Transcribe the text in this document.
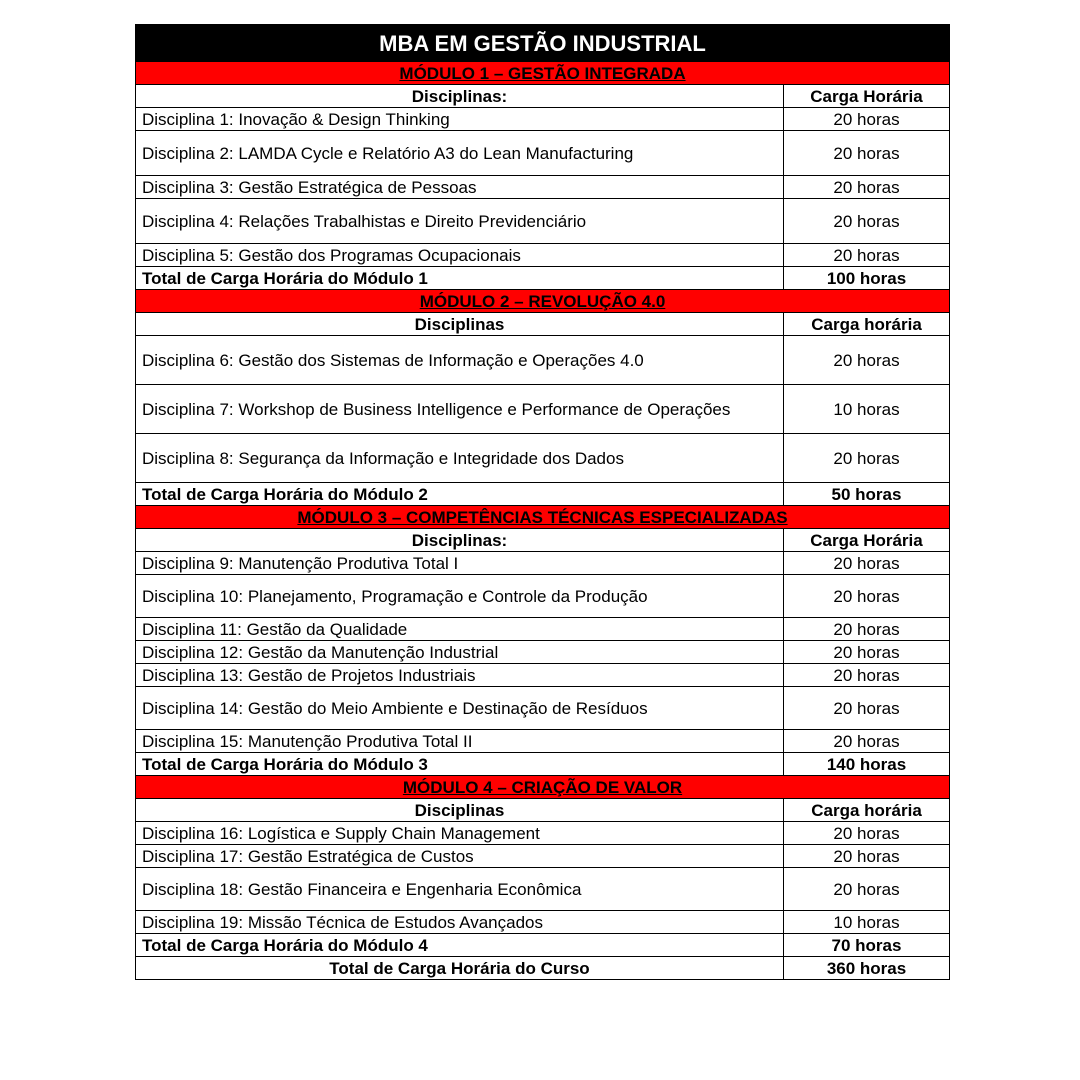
MBA EM GESTÃO INDUSTRIAL	
MÓDULO 1 – GESTÃO INTEGRADA	
Disciplinas:	Carga Horária
Disciplina 1: Inovação & Design Thinking	20 horas
Disciplina 2: LAMDA Cycle e Relatório A3 do Lean Manufacturing	20 horas
Disciplina 3: Gestão Estratégica de Pessoas	20 horas
Disciplina 4: Relações Trabalhistas e Direito Previdenciário	20 horas
Disciplina 5: Gestão dos Programas Ocupacionais	20 horas
Total de Carga Horária do Módulo 1	100 horas
MÓDULO 2 – REVOLUÇÃO 4.0	
Disciplinas	Carga horária
Disciplina 6: Gestão dos Sistemas de Informação e Operações 4.0	20 horas
Disciplina 7: Workshop de Business Intelligence e Performance de Operações	10 horas
Disciplina 8: Segurança da Informação e Integridade dos Dados	20 horas
Total de Carga Horária do Módulo 2	50 horas
MÓDULO 3 – COMPETÊNCIAS TÉCNICAS ESPECIALIZADAS	
Disciplinas:	Carga Horária
Disciplina 9: Manutenção Produtiva Total I	20 horas
Disciplina 10: Planejamento, Programação e Controle da Produção	20 horas
Disciplina 11: Gestão da Qualidade	20 horas
Disciplina 12: Gestão da Manutenção Industrial	20 horas
Disciplina 13: Gestão de Projetos Industriais	20 horas
Disciplina 14: Gestão do Meio Ambiente e Destinação de Resíduos	20 horas
Disciplina 15: Manutenção Produtiva Total II	20 horas
Total de Carga Horária do Módulo 3	140 horas
MÓDULO 4 – CRIAÇÃO DE VALOR	
Disciplinas	Carga horária
Disciplina 16: Logística e Supply Chain Management	20 horas
Disciplina 17: Gestão Estratégica de Custos	20 horas
Disciplina 18: Gestão Financeira e Engenharia Econômica	20 horas
Disciplina 19: Missão Técnica de Estudos Avançados	10 horas
Total de Carga Horária do Módulo 4	70 horas
Total de Carga Horária do Curso	360 horas
